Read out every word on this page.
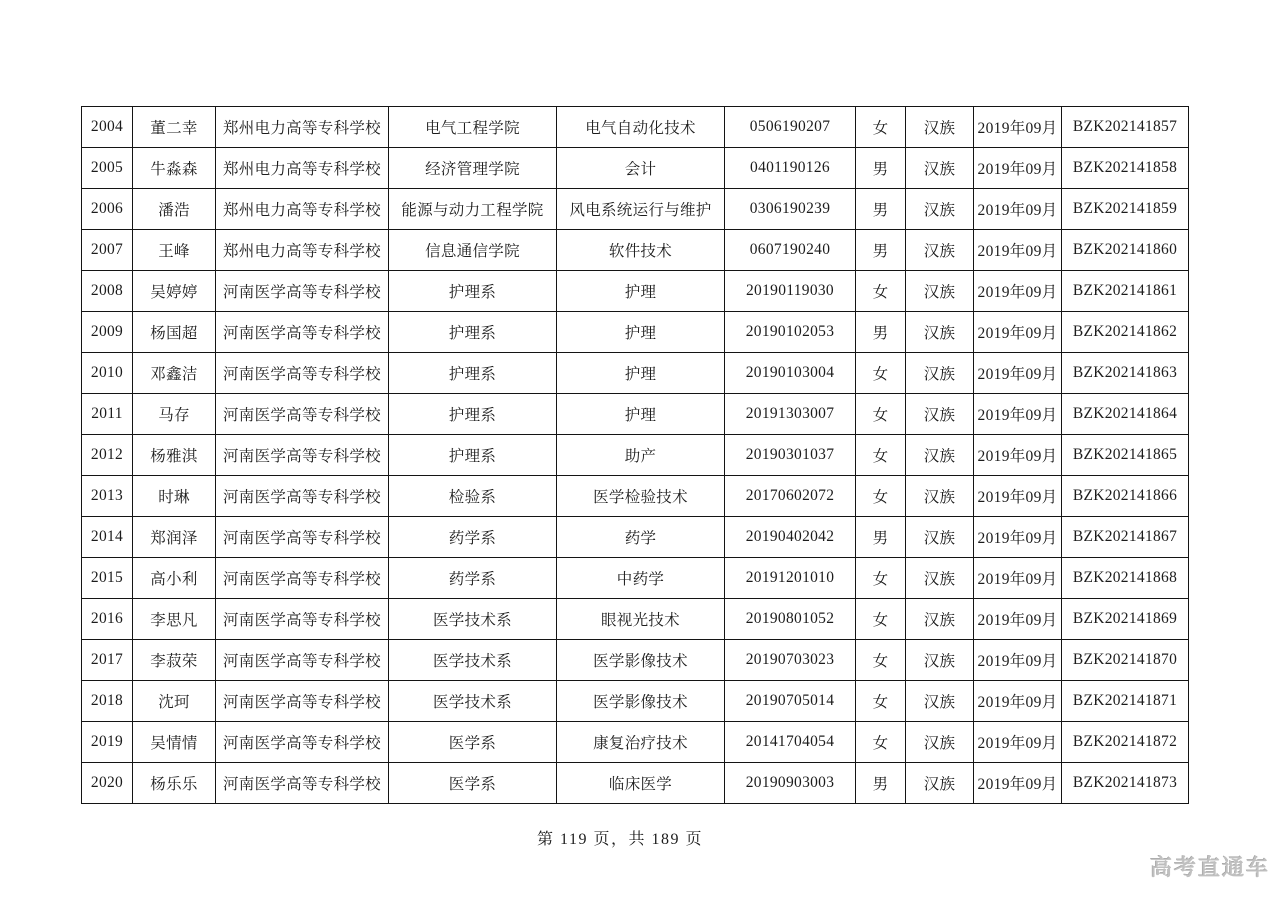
2004	董二幸	郑州电力高等专科学校	电气工程学院	电气自动化技术	0506190207	女	汉族	2019年09月	BZK202141857
2005	牛淼森	郑州电力高等专科学校	经济管理学院	会计	0401190126	男	汉族	2019年09月	BZK202141858
2006	潘浩	郑州电力高等专科学校	能源与动力工程学院	风电系统运行与维护	0306190239	男	汉族	2019年09月	BZK202141859
2007	王峰	郑州电力高等专科学校	信息通信学院	软件技术	0607190240	男	汉族	2019年09月	BZK202141860
2008	吴婷婷	河南医学高等专科学校	护理系	护理	20190119030	女	汉族	2019年09月	BZK202141861
2009	杨国超	河南医学高等专科学校	护理系	护理	20190102053	男	汉族	2019年09月	BZK202141862
2010	邓鑫洁	河南医学高等专科学校	护理系	护理	20190103004	女	汉族	2019年09月	BZK202141863
2011	马存	河南医学高等专科学校	护理系	护理	20191303007	女	汉族	2019年09月	BZK202141864
2012	杨雅淇	河南医学高等专科学校	护理系	助产	20190301037	女	汉族	2019年09月	BZK202141865
2013	时琳	河南医学高等专科学校	检验系	医学检验技术	20170602072	女	汉族	2019年09月	BZK202141866
2014	郑润泽	河南医学高等专科学校	药学系	药学	20190402042	男	汉族	2019年09月	BZK202141867
2015	高小利	河南医学高等专科学校	药学系	中药学	20191201010	女	汉族	2019年09月	BZK202141868
2016	李思凡	河南医学高等专科学校	医学技术系	眼视光技术	20190801052	女	汉族	2019年09月	BZK202141869
2017	李菽荣	河南医学高等专科学校	医学技术系	医学影像技术	20190703023	女	汉族	2019年09月	BZK202141870
2018	沈珂	河南医学高等专科学校	医学技术系	医学影像技术	20190705014	女	汉族	2019年09月	BZK202141871
2019	吴情情	河南医学高等专科学校	医学系	康复治疗技术	20141704054	女	汉族	2019年09月	BZK202141872
2020	杨乐乐	河南医学高等专科学校	医学系	临床医学	20190903003	男	汉族	2019年09月	BZK202141873
第 119 页，共 189 页
高考直通车
